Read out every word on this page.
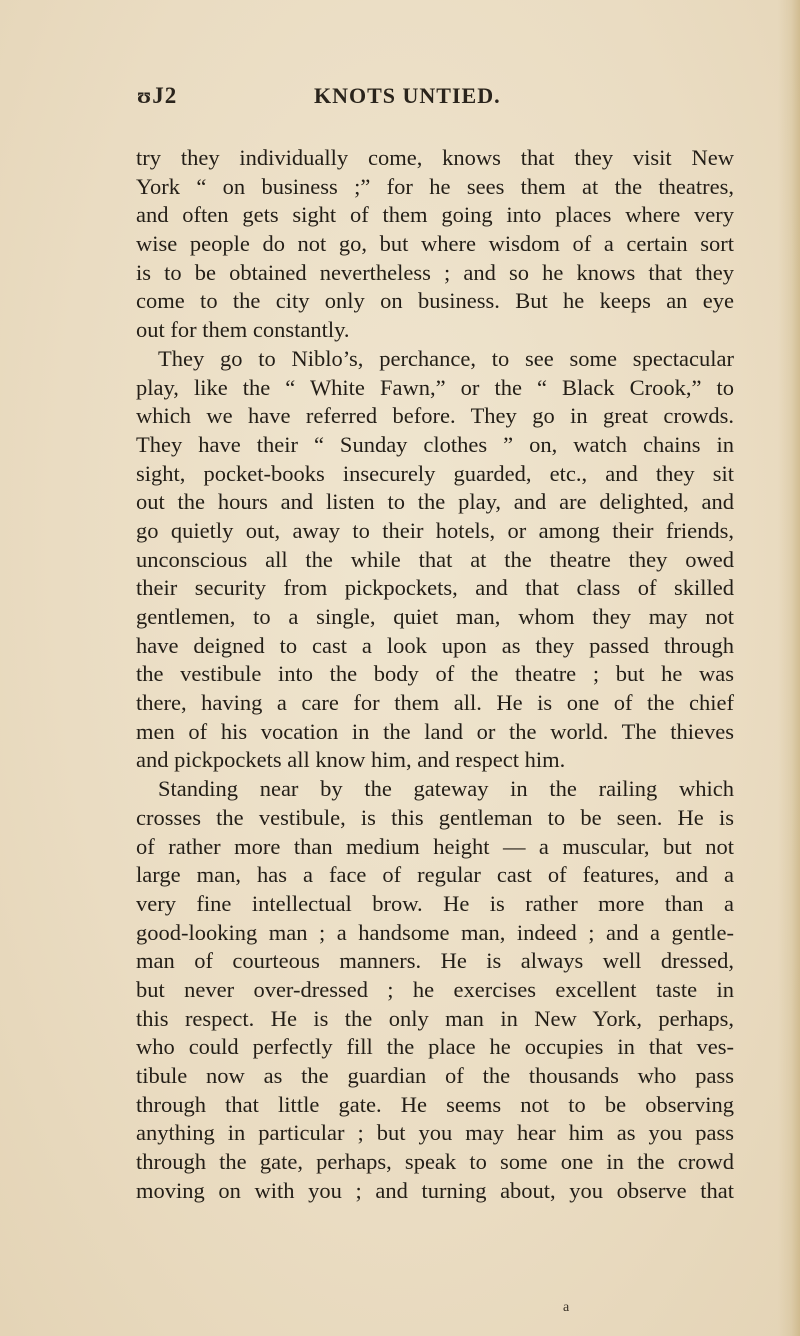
ʊJ2	KNOTS UNTIED.
try they individually come, knows that they visit New
York “ on business ;” for he sees them at the theatres,
and often gets sight of them going into places where very
wise people do not go, but where wisdom of a certain sort
is to be obtained nevertheless ; and so he knows that they
come to the city only on business. But he keeps an eye
out for them constantly.
They go to Niblo’s, perchance, to see some spectacular
play, like the “ White Fawn,” or the “ Black Crook,” to
which we have referred before. They go in great crowds.
They have their “ Sunday clothes ” on, watch chains in
sight, pocket-books insecurely guarded, etc., and they sit
out the hours and listen to the play, and are delighted, and
go quietly out, away to their hotels, or among their friends,
unconscious all the while that at the theatre they owed
their security from pickpockets, and that class of skilled
gentlemen, to a single, quiet man, whom they may not
have deigned to cast a look upon as they passed through
the vestibule into the body of the theatre ; but he was
there, having a care for them all. He is one of the chief
men of his vocation in the land or the world. The thieves
and pickpockets all know him, and respect him.
Standing near by the gateway in the railing which
crosses the vestibule, is this gentleman to be seen. He is
of rather more than medium height — a muscular, but not
large man, has a face of regular cast of features, and a
very fine intellectual brow. He is rather more than a
good-looking man ; a handsome man, indeed ; and a gentle-
man of courteous manners. He is always well dressed,
but never over-dressed ; he exercises excellent taste in
this respect. He is the only man in New York, perhaps,
who could perfectly fill the place he occupies in that ves-
tibule now as the guardian of the thousands who pass
through that little gate. He seems not to be observing
anything in particular ; but you may hear him as you pass
through the gate, perhaps, speak to some one in the crowd
moving on with you ; and turning about, you observe that
a
